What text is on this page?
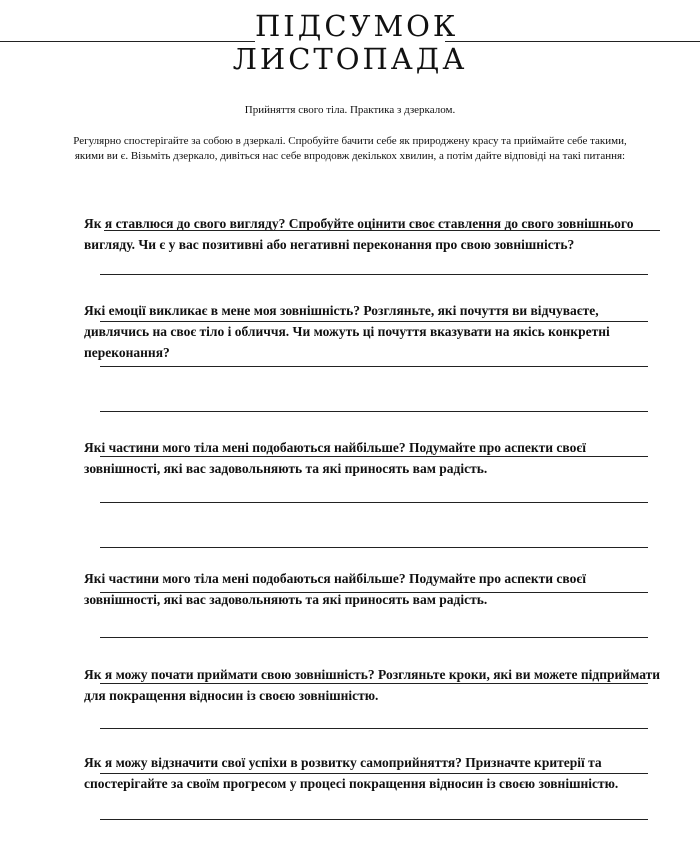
ПІДСУМОК
ЛИСТОПАДА
Прийняття свого тіла. Практика з дзеркалом.

Регулярно спостерігайте за собою в дзеркалі. Спробуйте бачити себе як природжену красу та приймайте себе такими, якими ви є. Візьміть дзеркало, дивіться нас себе впродовж декількох хвилин, а потім дайте відповіді на такі питання:

Як я ставлюся до свого вигляду? Спробуйте оцінити своє ставлення до свого зовнішнього вигляду. Чи є у вас позитивні або негативні переконання про свою зовнішність?

Які емоції викликає в мене моя зовнішність? Розгляньте, які почуття ви відчуваєте, дивлячись на своє тіло і обличчя. Чи можуть ці почуття вказувати на якісь конкретні переконання?

Які частини мого тіла мені подобаються найбільше? Подумайте про аспекти своєї зовнішності, які вас задовольняють та які приносять вам радість.

Які частини мого тіла мені подобаються найбільше? Подумайте про аспекти своєї зовнішності, які вас задовольняють та які приносять вам радість.

Як я можу почати приймати свою зовнішність? Розгляньте кроки, які ви можете підприймати для покращення відносин із своєю зовнішністю.

Як я можу відзначити свої успіхи в розвитку самоприйняття? Призначте критерії та спостерігайте за своїм прогресом у процесі покращення відносин із своєю зовнішністю.
